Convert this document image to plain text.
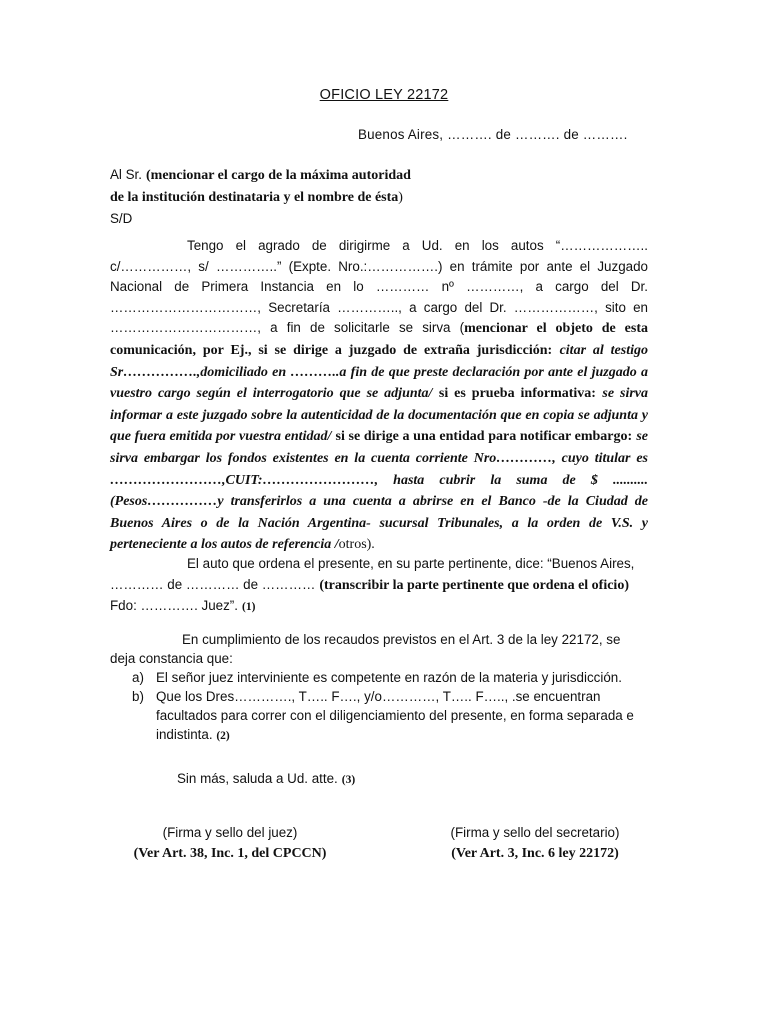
OFICIO LEY 22172
Buenos Aires, ………. de ………. de ……….
Al Sr. (mencionar el cargo de la máxima autoridad
de la institución destinataria y el nombre de ésta)
S/D
Tengo el agrado de dirigirme a Ud. en los autos “……………….. c/……………, s/ …………..” (Expte. Nro.:…………….) en trámite por ante el Juzgado Nacional de Primera Instancia en lo ………… nº …………, a cargo del Dr. ……………………………, Secretaría ………….., a cargo del Dr. ………………, sito en ……………………………, a fin de solicitarle se sirva (mencionar el objeto de esta comunicación, por Ej., si se dirige a juzgado de extraña jurisdicción: citar al testigo Sr…………….,domiciliado en ………..a fin de que preste declaración por ante el juzgado a vuestro cargo según el interrogatorio que se adjunta/ si es prueba informativa: se sirva informar a este juzgado sobre la autenticidad de la documentación que en copia se adjunta y que fuera emitida por vuestra entidad/ si se dirige a una entidad para notificar embargo: se sirva embargar los fondos existentes en la cuenta corriente Nro…………, cuyo titular es ……………………,CUIT:……………………, hasta cubrir la suma de $ .......... (Pesos……………y transferirlos a una cuenta a abrirse en el Banco -de la Ciudad de Buenos Aires o de la Nación Argentina- sucursal Tribunales, a la orden de V.S. y perteneciente a los autos de referencia /otros).
El auto que ordena el presente, en su parte pertinente, dice: “Buenos Aires, ………… de ………… de ………… (transcribir la parte pertinente que ordena el oficio) Fdo: …………. Juez”. (1)
En cumplimiento de los recaudos previstos en el Art. 3 de la ley 22172, se deja constancia que:
a) El señor juez interviniente es competente en razón de la materia y jurisdicción.
b) Que los Dres…………., T….. F…., y/o…………, T….. F….., .se encuentran facultados para correr con el diligenciamiento del presente, en forma separada e indistinta. (2)
Sin más, saluda a Ud. atte. (3)
(Firma y sello del juez)
(Ver Art. 38, Inc. 1, del CPCCN)
(Firma y sello del secretario)
(Ver Art. 3, Inc. 6 ley 22172)
